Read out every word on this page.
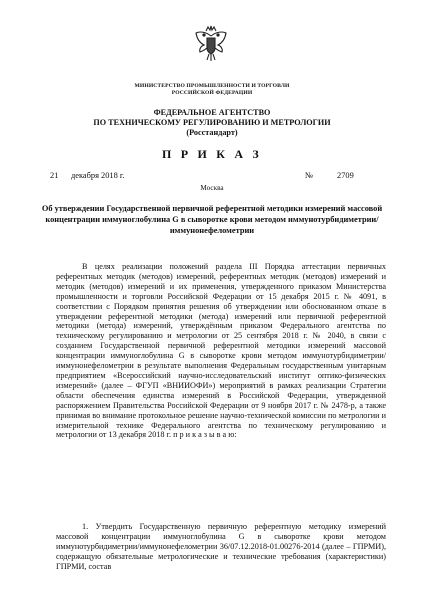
МИНИСТЕРСТВО ПРОМЫШЛЕННОСТИ И ТОРГОВЛИ
РОССИЙСКОЙ ФЕДЕРАЦИИ
ФЕДЕРАЛЬНОЕ АГЕНТСТВО
ПО ТЕХНИЧЕСКОМУ РЕГУЛИРОВАНИЮ И МЕТРОЛОГИИ
(Росстандарт)
П Р И К А З
21 декабря 2018 г.	№	2709
Москва
Об утверждении Государственной первичной референтной методики измерений массовой концентрации иммуноглобулина G в сыворотке крови методом иммунотурбидиметрии/иммунонефелометрии

В целях реализации положений раздела III Порядка аттестации первичных референтных методик (методов) измерений, референтных методик (методов) измерений и методик (методов) измерений и их применения, утвержденного приказом Министерства промышленности и торговли Российской Федерации от 15 декабря 2015 г. № 4091, в соответствии с Порядком принятия решения об утверждении или обоснованном отказе в утверждении референтной методики (метода) измерений или первичной референтной методики (метода) измерений, утверждённым приказом Федерального агентства по техническому регулированию и метрологии от 25 сентября 2018 г. № 2040, в связи с созданием Государственной первичной референтной методики измерений массовой концентрации иммуноглобулина G в сыворотке крови методом иммунотурбидиметрии/иммунонефелометрии в результате выполнения Федеральным государственным унитарным предприятием «Всероссийский научно-исследовательский институт оптико-физических измерений» (далее – ФГУП «ВНИИОФИ») мероприятий в рамках реализации Стратегии области обеспечения единства измерений в Российской Федерации, утвержденной распоряжением Правительства Российской Федерации от 9 ноября 2017 г. № 2478-р, а также принимая во внимание протокольное решение научно-технической комиссии по метрологии и измерительной технике Федерального агентства по техническому регулированию и метрологии от 13 декабря 2018 г. п р и к а з ы в а ю:

1. Утвердить Государственную первичную референтную методику измерений массовой концентрации иммуноглобулина G в сыворотке крови методом иммунотурбидиметрии/иммунонефелометрии 36/07.12.2018-01.00276-2014 (далее – ГПРМИ), содержащую обязательные метрологические и технические требования (характеристики) ГПРМИ, состав
